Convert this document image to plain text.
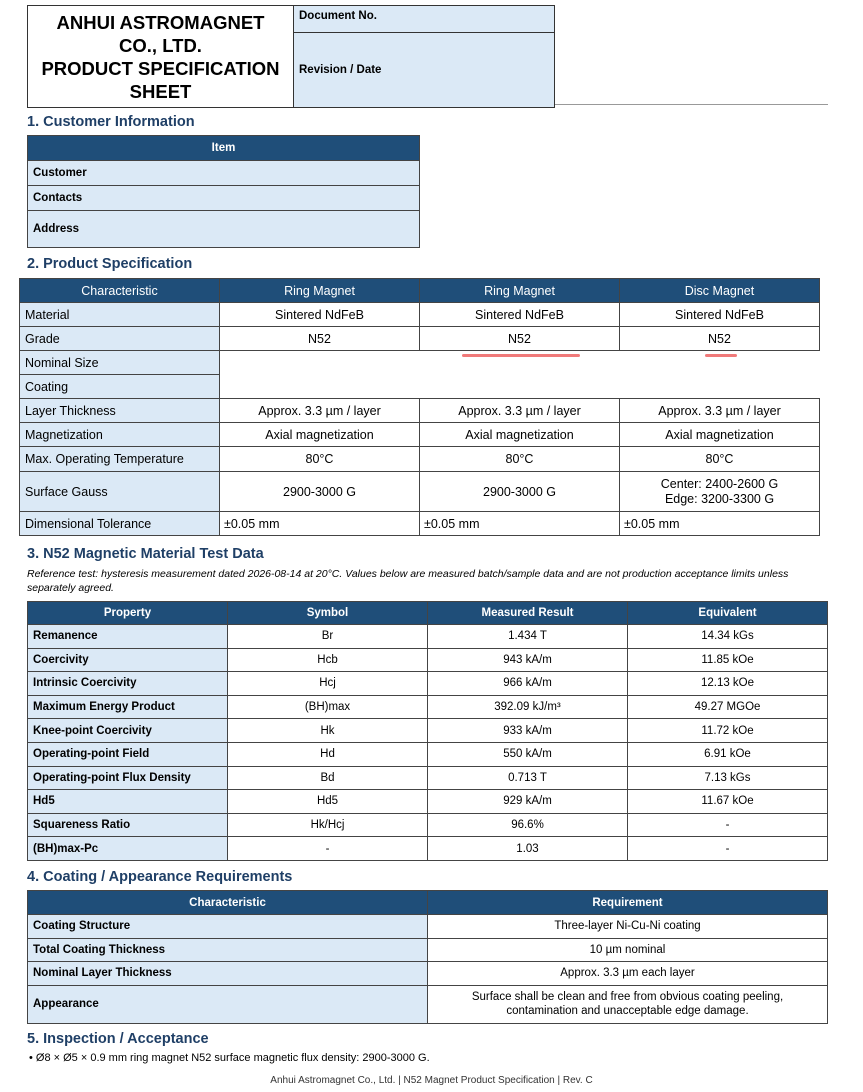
ANHUI ASTROMAGNET
CO., LTD.
PRODUCT SPECIFICATION
SHEET
	Document No.
Revision / Date
1. Customer Information
Item
Customer
Contacts
Address
2. Product Specification
Characteristic	Ring Magnet	Ring Magnet	Disc Magnet
Material	Sintered NdFeB	Sintered NdFeB	Sintered NdFeB
Grade	N52	N52	N52
Nominal Size			
Coating			
Layer Thickness	Approx. 3.3 µm / layer	Approx. 3.3 µm / layer	Approx. 3.3 µm / layer
Magnetization	Axial magnetization	Axial magnetization	Axial magnetization
Max. Operating Temperature	80°C	80°C	80°C
Surface Gauss	2900-3000 G	2900-3000 G	Center: 2400-2600 G
Edge: 3200-3300 G

Dimensional Tolerance	±0.05 mm	±0.05 mm	±0.05 mm
3. N52 Magnetic Material Test Data
Reference test: hysteresis measurement dated 2026-08-14 at 20°C. Values below are measured batch/sample data and are not production acceptance limits unless separately agreed.
Property	Symbol	Measured Result	Equivalent
Remanence	Br	1.434 T	14.34 kGs
Coercivity	Hcb	943 kA/m	11.85 kOe
Intrinsic Coercivity	Hcj	966 kA/m	12.13 kOe
Maximum Energy Product	(BH)max	392.09 kJ/m³	49.27 MGOe
Knee-point Coercivity	Hk	933 kA/m	11.72 kOe
Operating-point Field	Hd	550 kA/m	6.91 kOe
Operating-point Flux Density	Bd	0.713 T	7.13 kGs
Hd5	Hd5	929 kA/m	11.67 kOe
Squareness Ratio	Hk/Hcj	96.6%	-
(BH)max-Pc	-	1.03	-
4. Coating / Appearance Requirements
Characteristic	Requirement
Coating Structure	Three-layer Ni-Cu-Ni coating
Total Coating Thickness	10 µm nominal
Nominal Layer Thickness	Approx. 3.3 µm each layer
Appearance	Surface shall be clean and free from obvious coating peeling,
contamination and unacceptable edge damage.
5. Inspection / Acceptance
• Ø8 × Ø5 × 0.9 mm ring magnet N52 surface magnetic flux density: 2900-3000 G.
Anhui Astromagnet Co., Ltd. | N52 Magnet Product Specification | Rev. C
